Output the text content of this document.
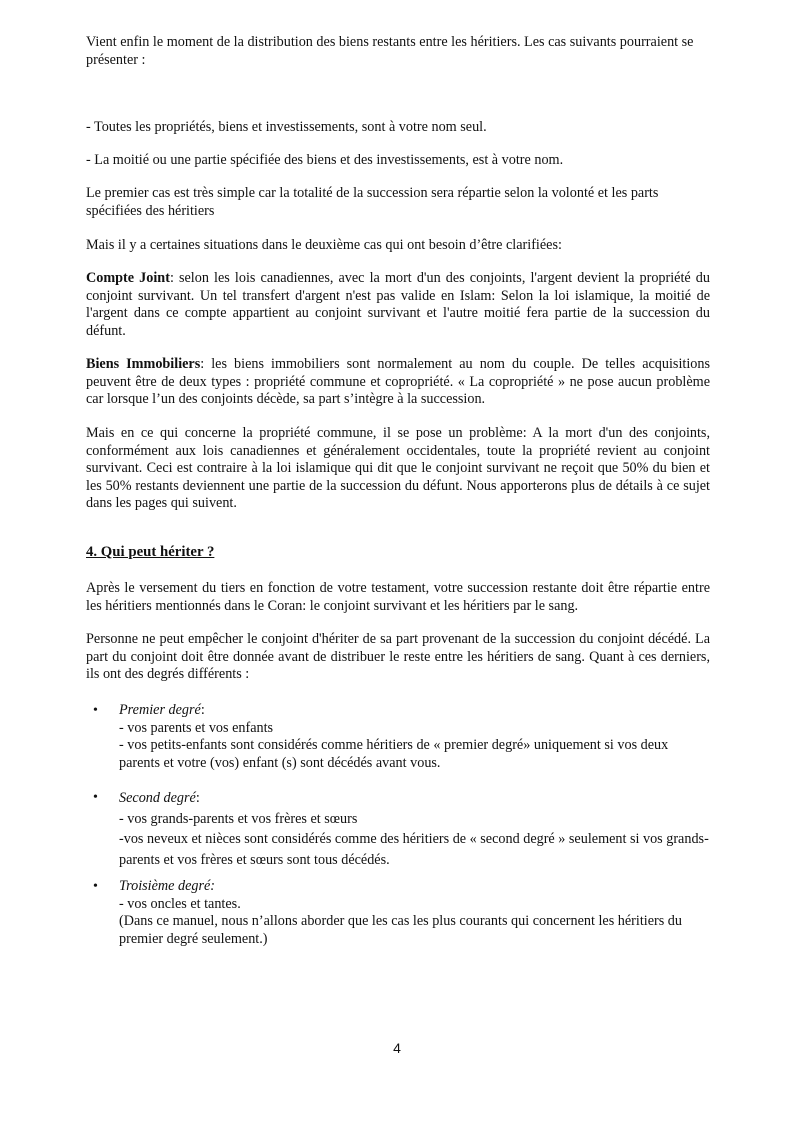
Vient enfin le moment de la distribution des biens restants entre les héritiers. Les cas suivants pourraient se présenter :

- Toutes les propriétés, biens et investissements, sont à votre nom seul.

- La moitié ou une partie spécifiée des biens et des investissements, est à votre nom.

Le premier cas est très simple car la totalité de la succession sera répartie selon la volonté et les parts spécifiées des héritiers

Mais il y a certaines situations dans le deuxième cas qui ont besoin d’être clarifiées:

Compte Joint: selon les lois canadiennes, avec la mort d'un des conjoints, l'argent devient la propriété du conjoint survivant. Un tel transfert d'argent n'est pas valide en Islam: Selon la loi islamique, la moitié de l'argent dans ce compte appartient au conjoint survivant et l'autre moitié fera partie de la succession du défunt.

Biens Immobiliers: les biens immobiliers sont normalement au nom du couple. De telles acquisitions peuvent être de deux types : propriété commune et copropriété. « La copropriété » ne pose aucun problème car lorsque l’un des conjoints décède, sa part s’intègre à la succession.

Mais en ce qui concerne la propriété commune, il se pose un problème: A la mort d'un des conjoints, conformément aux lois canadiennes et généralement occidentales, toute la propriété revient au conjoint survivant. Ceci est contraire à la loi islamique qui dit que le conjoint survivant ne reçoit que 50% du bien et les 50% restants deviennent une partie de la succession du défunt. Nous apporterons plus de détails à ce sujet dans les pages qui suivent.

4. Qui peut hériter ?

Après le versement du tiers en fonction de votre testament, votre succession restante doit être répartie entre les héritiers mentionnés dans le Coran: le conjoint survivant et les héritiers par le sang.

Personne ne peut empêcher le conjoint d'hériter de sa part provenant de la succession du conjoint décédé. La part du conjoint doit être donnée avant de distribuer le reste entre les héritiers de sang. Quant à ces derniers, ils ont des degrés différents :

• Premier degré:
- vos parents et vos enfants
- vos petits-enfants sont considérés comme héritiers de « premier degré» uniquement si vos deux parents et votre (vos) enfant (s) sont décédés avant vous.
• Second degré:
- vos grands-parents et vos frères et sœurs
-vos neveux et nièces sont considérés comme des héritiers de « second degré » seulement si vos grands-parents et vos frères et sœurs sont tous décédés.
• Troisième degré:
- vos oncles et tantes.
(Dans ce manuel, nous n’allons aborder que les cas les plus courants qui concernent les héritiers du premier degré seulement.)
4
